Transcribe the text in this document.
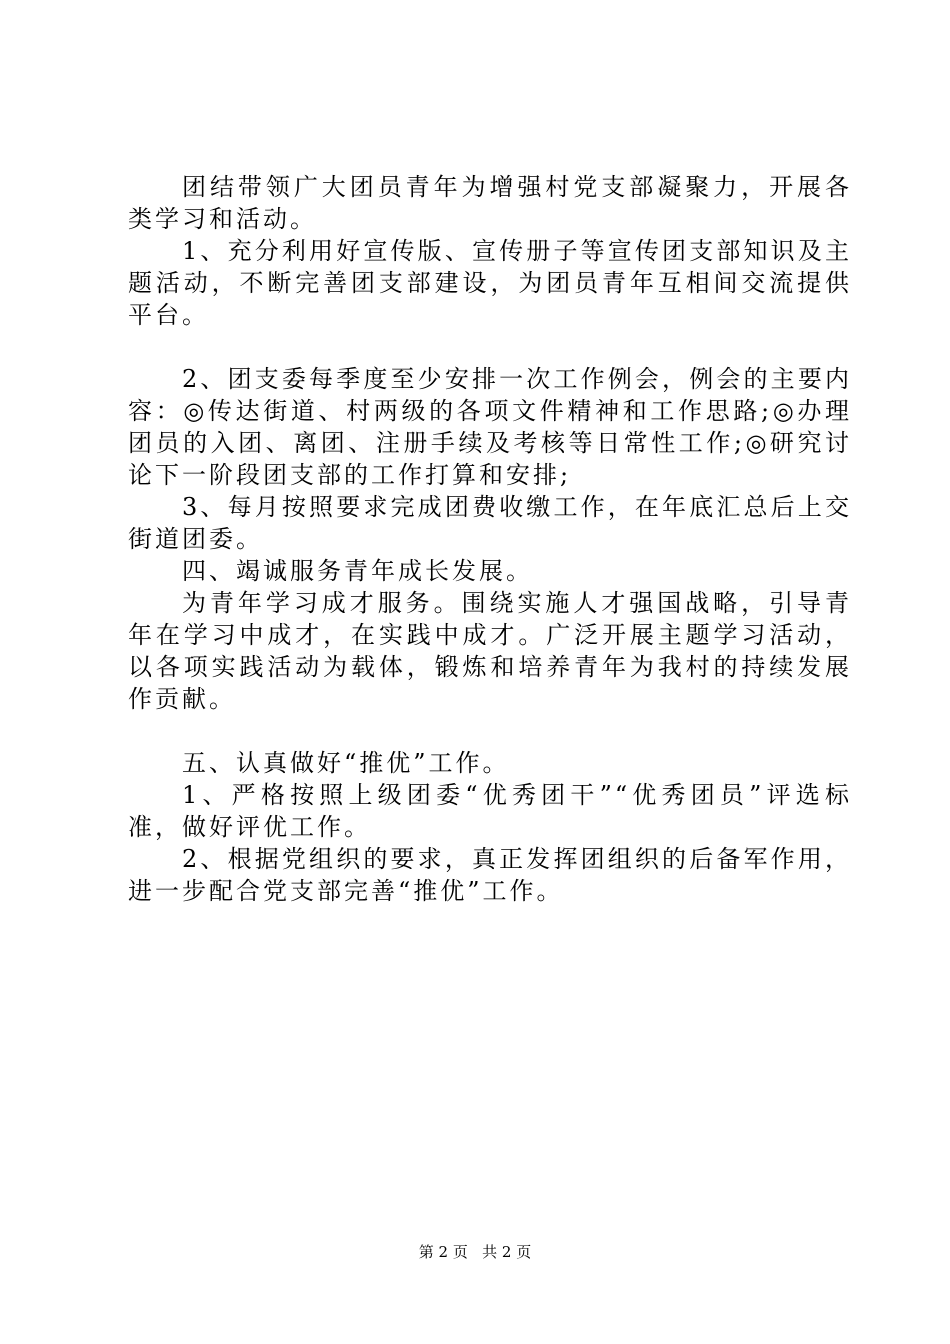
团结带领广大团员青年为增强村党支部凝聚力，开展各类学习和活动。

1、充分利用好宣传版、宣传册子等宣传团支部知识及主题活动，不断完善团支部建设，为团员青年互相间交流提供平台。

2、团支委每季度至少安排一次工作例会，例会的主要内容：◎传达街道、村两级的各项文件精神和工作思路;◎办理团员的入团、离团、注册手续及考核等日常性工作;◎研究讨论下一阶段团支部的工作打算和安排;

3、每月按照要求完成团费收缴工作，在年底汇总后上交街道团委。

四、竭诚服务青年成长发展。

为青年学习成才服务。围绕实施人才强国战略，引导青年在学习中成才，在实践中成才。广泛开展主题学习活动，以各项实践活动为载体，锻炼和培养青年为我村的持续发展作贡献。

五、认真做好“推优”工作。

1、严格按照上级团委“优秀团干”“优秀团员”评选标准，做好评优工作。

2、根据党组织的要求，真正发挥团组织的后备军作用，进一步配合党支部完善“推优”工作。

第 2 页   共 2 页
